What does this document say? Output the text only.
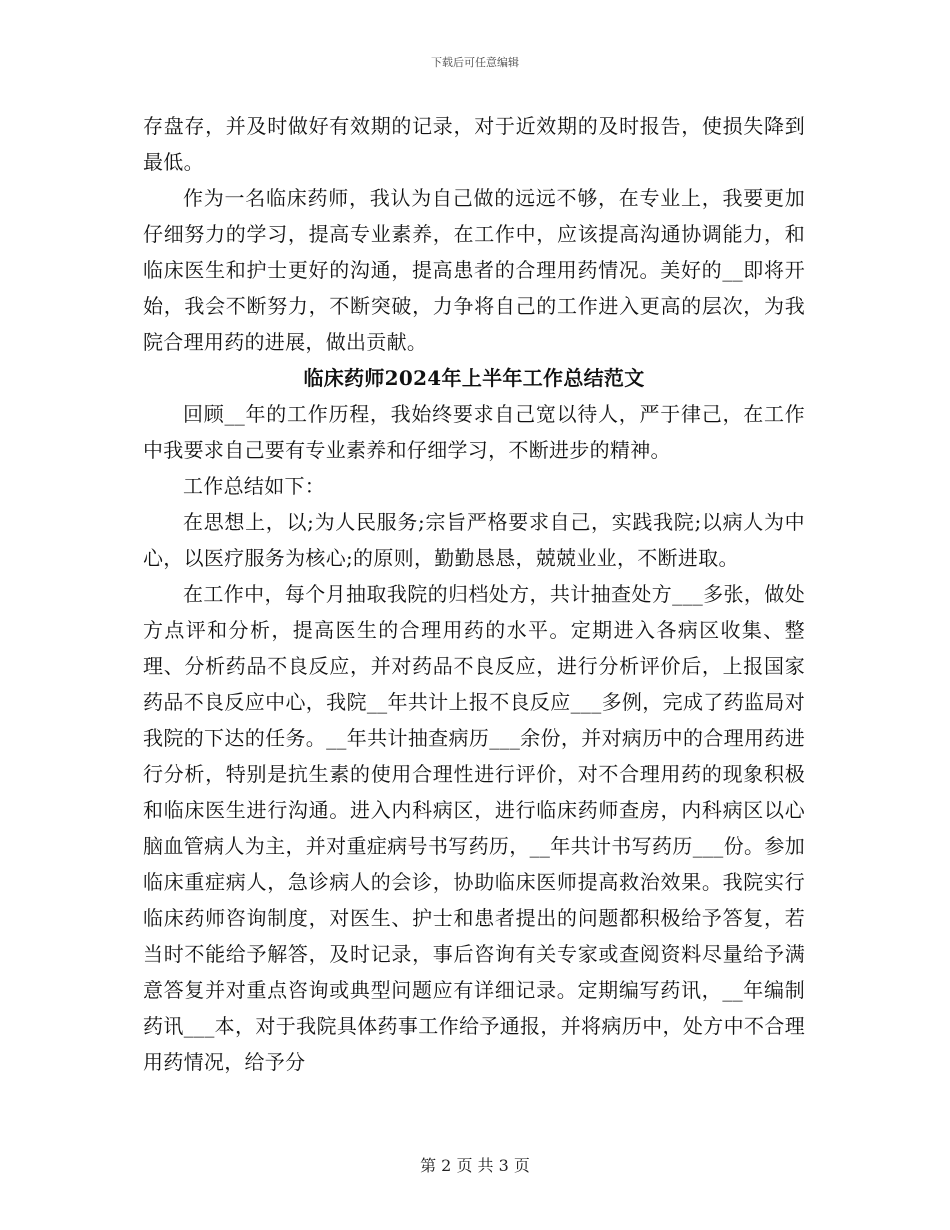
下载后可任意编辑

存盘存，并及时做好有效期的记录，对于近效期的及时报告，使损失降到最低。

作为一名临床药师，我认为自己做的远远不够，在专业上，我要更加仔细努力的学习，提高专业素养，在工作中，应该提高沟通协调能力，和临床医生和护士更好的沟通，提高患者的合理用药情况。美好的__即将开始，我会不断努力，不断突破，力争将自己的工作进入更高的层次，为我院合理用药的进展，做出贡献。

临床药师2024年上半年工作总结范文

回顾__年的工作历程，我始终要求自己宽以待人，严于律己，在工作中我要求自己要有专业素养和仔细学习，不断进步的精神。

工作总结如下：

在思想上，以;为人民服务;宗旨严格要求自己，实践我院;以病人为中心，以医疗服务为核心;的原则，勤勤恳恳，兢兢业业，不断进取。

在工作中，每个月抽取我院的归档处方，共计抽查处方___多张，做处方点评和分析，提高医生的合理用药的水平。定期进入各病区收集、整理、分析药品不良反应，并对药品不良反应，进行分析评价后，上报国家药品不良反应中心，我院__年共计上报不良反应___多例，完成了药监局对我院的下达的任务。__年共计抽查病历___余份，并对病历中的合理用药进行分析，特别是抗生素的使用合理性进行评价，对不合理用药的现象积极和临床医生进行沟通。进入内科病区，进行临床药师查房，内科病区以心脑血管病人为主，并对重症病号书写药历，__年共计书写药历___份。参加临床重症病人，急诊病人的会诊，协助临床医师提高救治效果。我院实行临床药师咨询制度，对医生、护士和患者提出的问题都积极给予答复，若当时不能给予解答，及时记录，事后咨询有关专家或查阅资料尽量给予满意答复并对重点咨询或典型问题应有详细记录。定期编写药讯，__年编制药讯___本，对于我院具体药事工作给予通报，并将病历中，处方中不合理用药情况，给予分

第 2 页 共 3 页
